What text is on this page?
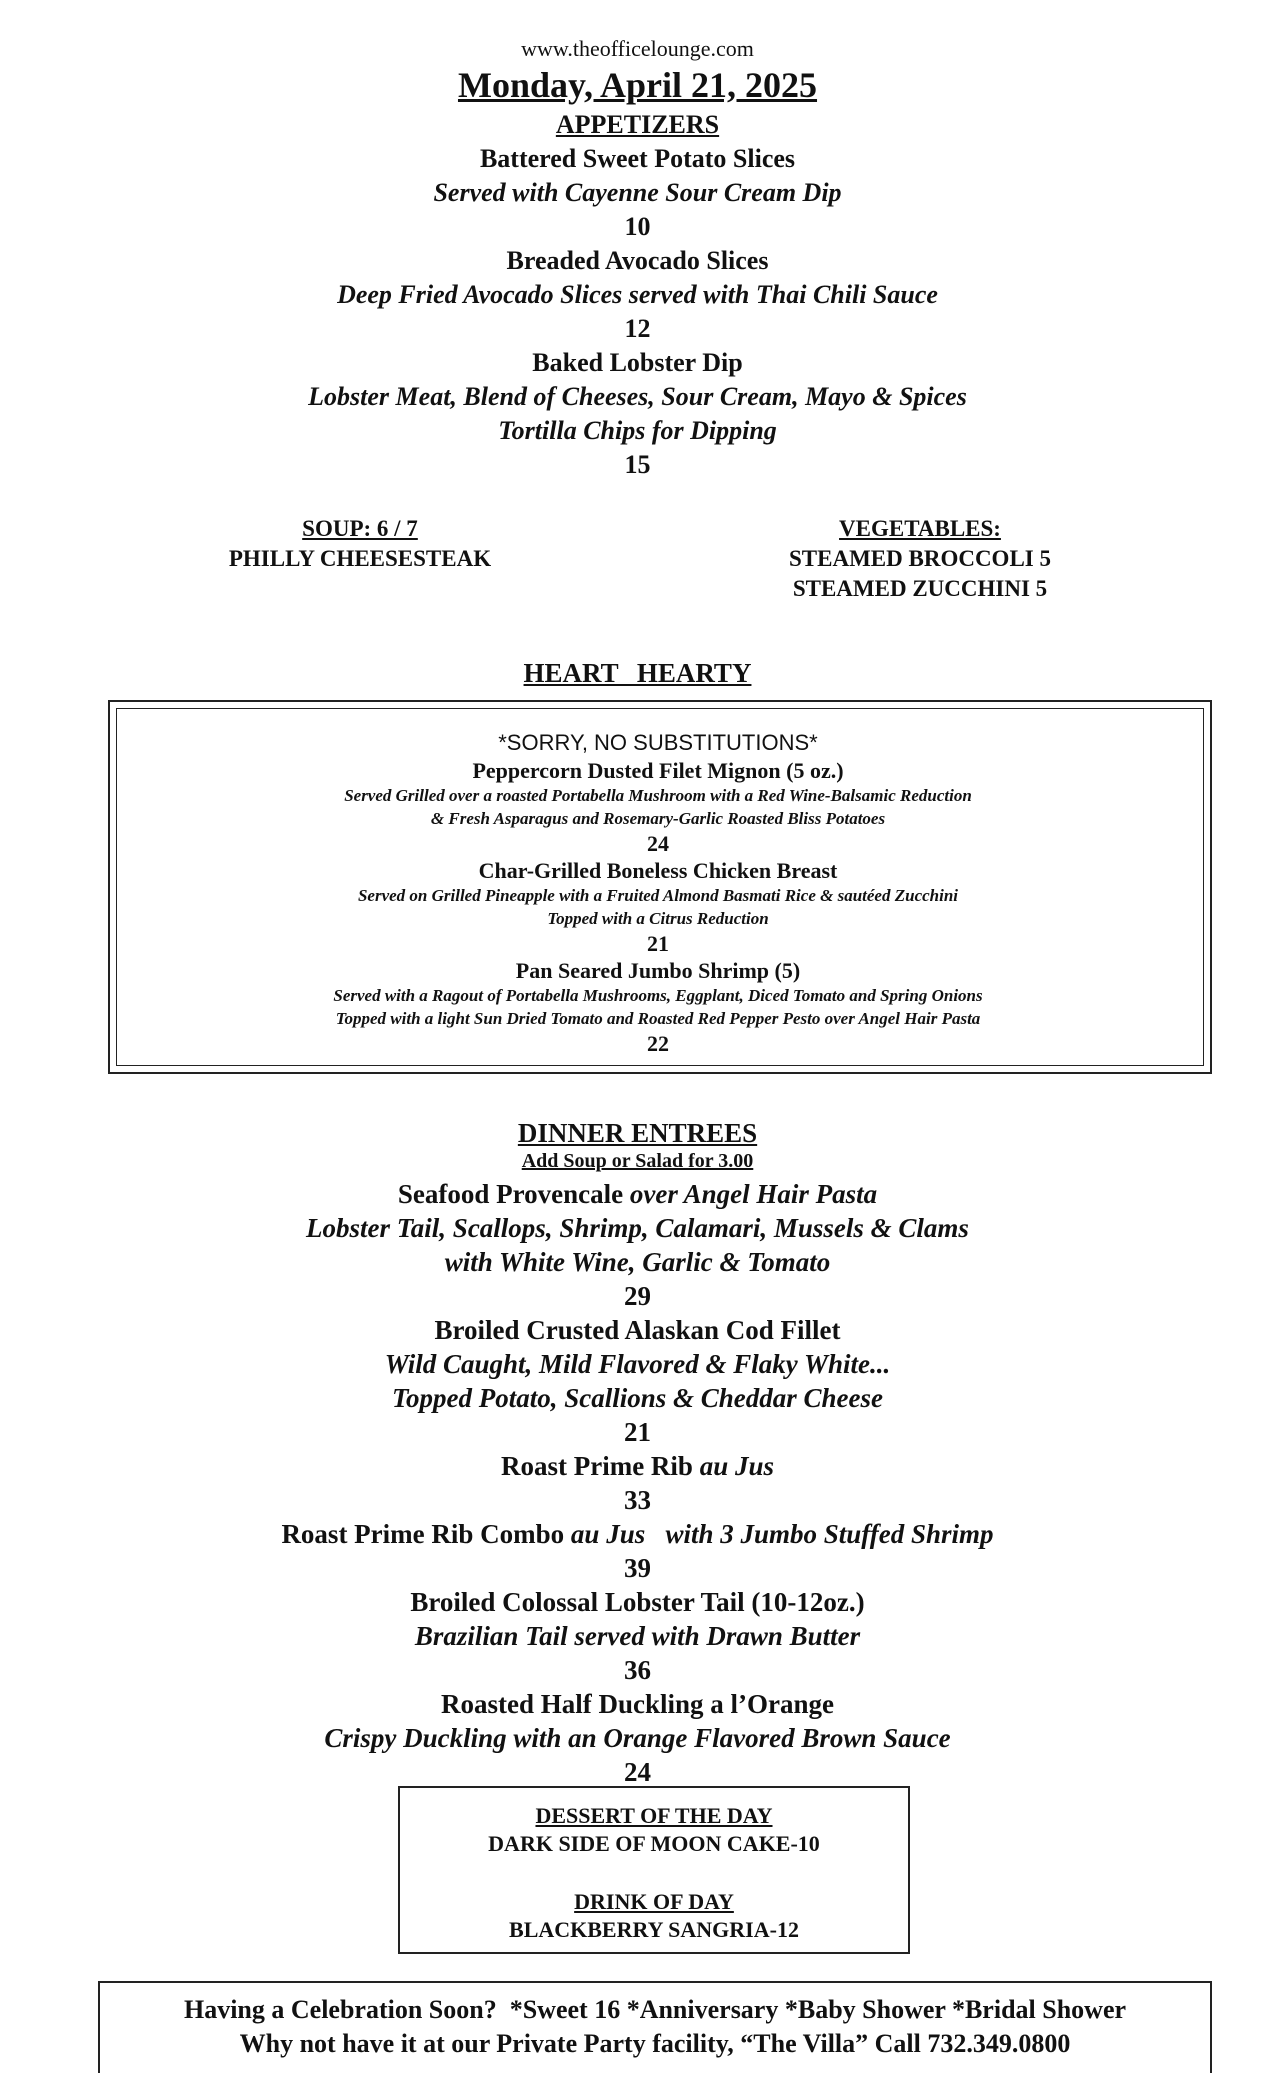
www.theofficelounge.com
Monday, April 21, 2025
APPETIZERS
Battered Sweet Potato Slices
Served with Cayenne Sour Cream Dip
10
Breaded Avocado Slices
Deep Fried Avocado Slices served with Thai Chili Sauce
12
Baked Lobster Dip
Lobster Meat, Blend of Cheeses, Sour Cream, Mayo & Spices
Tortilla Chips for Dipping
15
SOUP: 6 / 7
PHILLY CHEESESTEAK
VEGETABLES:
STEAMED BROCCOLI 5
STEAMED ZUCCHINI 5
HEART HEARTY
*SORRY, NO SUBSTITUTIONS*
Peppercorn Dusted Filet Mignon (5 oz.)
Served Grilled over a roasted Portabella Mushroom with a Red Wine-Balsamic Reduction
& Fresh Asparagus and Rosemary-Garlic Roasted Bliss Potatoes
24
Char-Grilled Boneless Chicken Breast
Served on Grilled Pineapple with a Fruited Almond Basmati Rice & sautéed Zucchini
Topped with a Citrus Reduction
21
Pan Seared Jumbo Shrimp (5)
Served with a Ragout of Portabella Mushrooms, Eggplant, Diced Tomato and Spring Onions
Topped with a light Sun Dried Tomato and Roasted Red Pepper Pesto over Angel Hair Pasta
22
DINNER ENTREES
Add Soup or Salad for 3.00
Seafood Provencale over Angel Hair Pasta
Lobster Tail, Scallops, Shrimp, Calamari, Mussels & Clams
with White Wine, Garlic & Tomato
29
Broiled Crusted Alaskan Cod Fillet
Wild Caught, Mild Flavored & Flaky White...
Topped Potato, Scallions & Cheddar Cheese
21
Roast Prime Rib au Jus
33
Roast Prime Rib Combo au Jus   with 3 Jumbo Stuffed Shrimp
39
Broiled Colossal Lobster Tail (10-12oz.)
Brazilian Tail served with Drawn Butter
36
Roasted Half Duckling a l’Orange
Crispy Duckling with an Orange Flavored Brown Sauce
24
DESSERT OF THE DAY
DARK SIDE OF MOON CAKE-10
DRINK OF DAY
BLACKBERRY SANGRIA-12
Having a Celebration Soon?  *Sweet 16 *Anniversary *Baby Shower *Bridal Shower
Why not have it at our Private Party facility, “The Villa” Call 732.349.0800
